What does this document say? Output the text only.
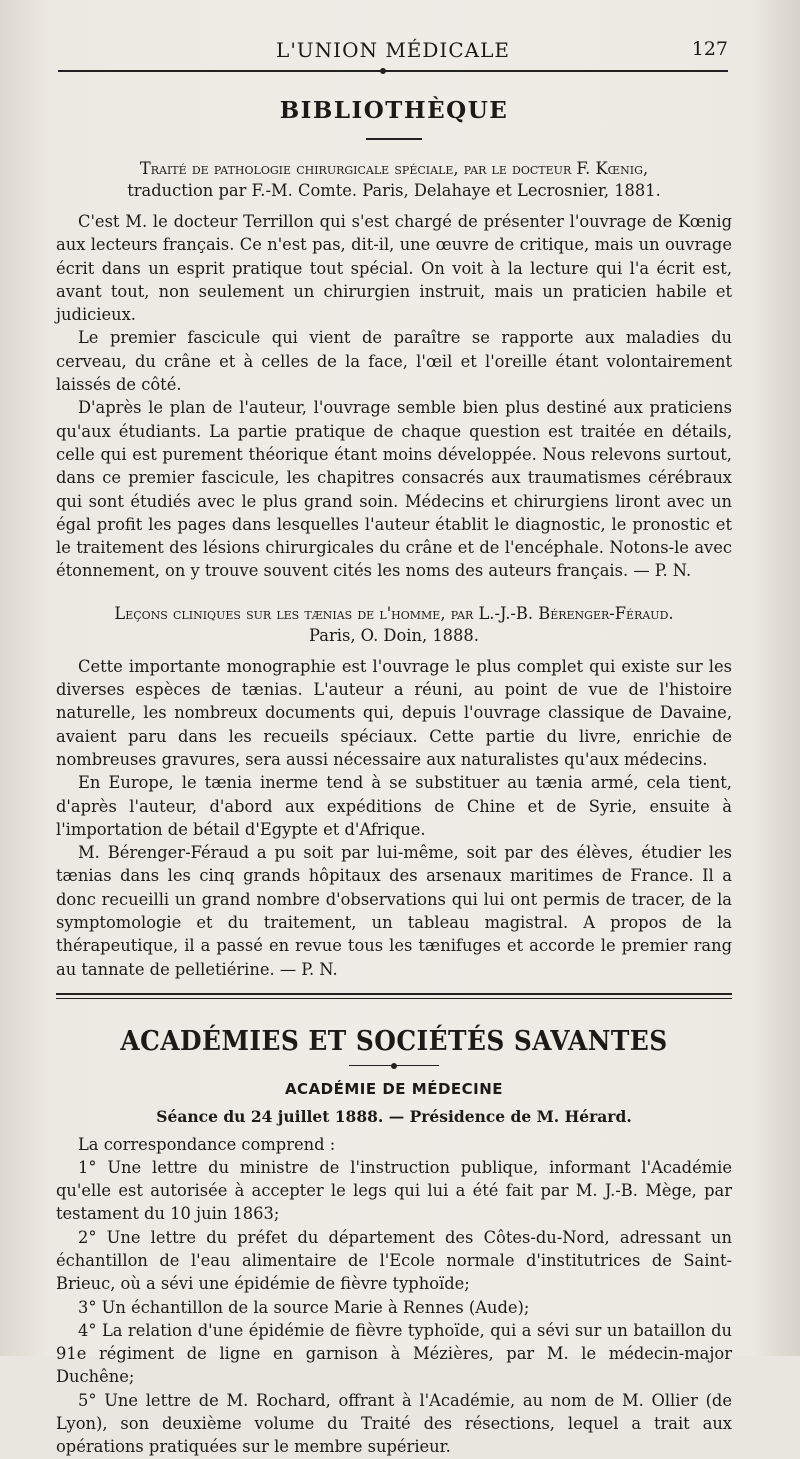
L'UNION MÉDICALE	127
BIBLIOTHÈQUE
Traité de pathologie chirurgicale spéciale, par le docteur F. Kœnig,
traduction par F.-M. Comte. Paris, Delahaye et Lecrosnier, 1881.

C'est M. le docteur Terrillon qui s'est chargé de présenter l'ouvrage de Kœnig aux lecteurs français. Ce n'est pas, dit-il, une œuvre de critique, mais un ouvrage écrit dans un esprit pratique tout spécial. On voit à la lecture qui l'a écrit est, avant tout, non seulement un chirurgien instruit, mais un praticien habile et judicieux.

Le premier fascicule qui vient de paraître se rapporte aux maladies du cerveau, du crâne et à celles de la face, l'œil et l'oreille étant volontairement laissés de côté.

D'après le plan de l'auteur, l'ouvrage semble bien plus destiné aux praticiens qu'aux étudiants. La partie pratique de chaque question est traitée en détails, celle qui est purement théorique étant moins développée. Nous relevons surtout, dans ce premier fascicule, les chapitres consacrés aux traumatismes cérébraux qui sont étudiés avec le plus grand soin. Médecins et chirurgiens liront avec un égal profit les pages dans lesquelles l'auteur établit le diagnostic, le pronostic et le traitement des lésions chirurgicales du crâne et de l'encéphale. Notons-le avec étonnement, on y trouve souvent cités les noms des auteurs français. — P. N.

Leçons cliniques sur les tænias de l'homme, par L.-J.-B. Bérenger-Féraud.
Paris, O. Doin, 1888.

Cette importante monographie est l'ouvrage le plus complet qui existe sur les diverses espèces de tænias. L'auteur a réuni, au point de vue de l'histoire naturelle, les nombreux documents qui, depuis l'ouvrage classique de Davaine, avaient paru dans les recueils spéciaux. Cette partie du livre, enrichie de nombreuses gravures, sera aussi nécessaire aux naturalistes qu'aux médecins.

En Europe, le tænia inerme tend à se substituer au tænia armé, cela tient, d'après l'auteur, d'abord aux expéditions de Chine et de Syrie, ensuite à l'importation de bétail d'Egypte et d'Afrique.

M. Bérenger-Féraud a pu soit par lui-même, soit par des élèves, étudier les tænias dans les cinq grands hôpitaux des arsenaux maritimes de France. Il a donc recueilli un grand nombre d'observations qui lui ont permis de tracer, de la symptomologie et du traitement, un tableau magistral. A propos de la thérapeutique, il a passé en revue tous les tænifuges et accorde le premier rang au tannate de pelletiérine. — P. N.

ACADÉMIES ET SOCIÉTÉS SAVANTES
ACADÉMIE DE MÉDECINE
Séance du 24 juillet 1888. — Présidence de M. Hérard.

La correspondance comprend :

1° Une lettre du ministre de l'instruction publique, informant l'Académie qu'elle est autorisée à accepter le legs qui lui a été fait par M. J.-B. Mège, par testament du 10 juin 1863;

2° Une lettre du préfet du département des Côtes-du-Nord, adressant un échantillon de l'eau alimentaire de l'Ecole normale d'institutrices de Saint-Brieuc, où a sévi une épidémie de fièvre typhoïde;

3° Un échantillon de la source Marie à Rennes (Aude);

4° La relation d'une épidémie de fièvre typhoïde, qui a sévi sur un bataillon du 91e régiment de ligne en garnison à Mézières, par M. le médecin-major Duchêne;

5° Une lettre de M. Rochard, offrant à l'Académie, au nom de M. Ollier (de Lyon), son deuxième volume du Traité des résections, lequel a trait aux opérations pratiquées sur le membre supérieur.
